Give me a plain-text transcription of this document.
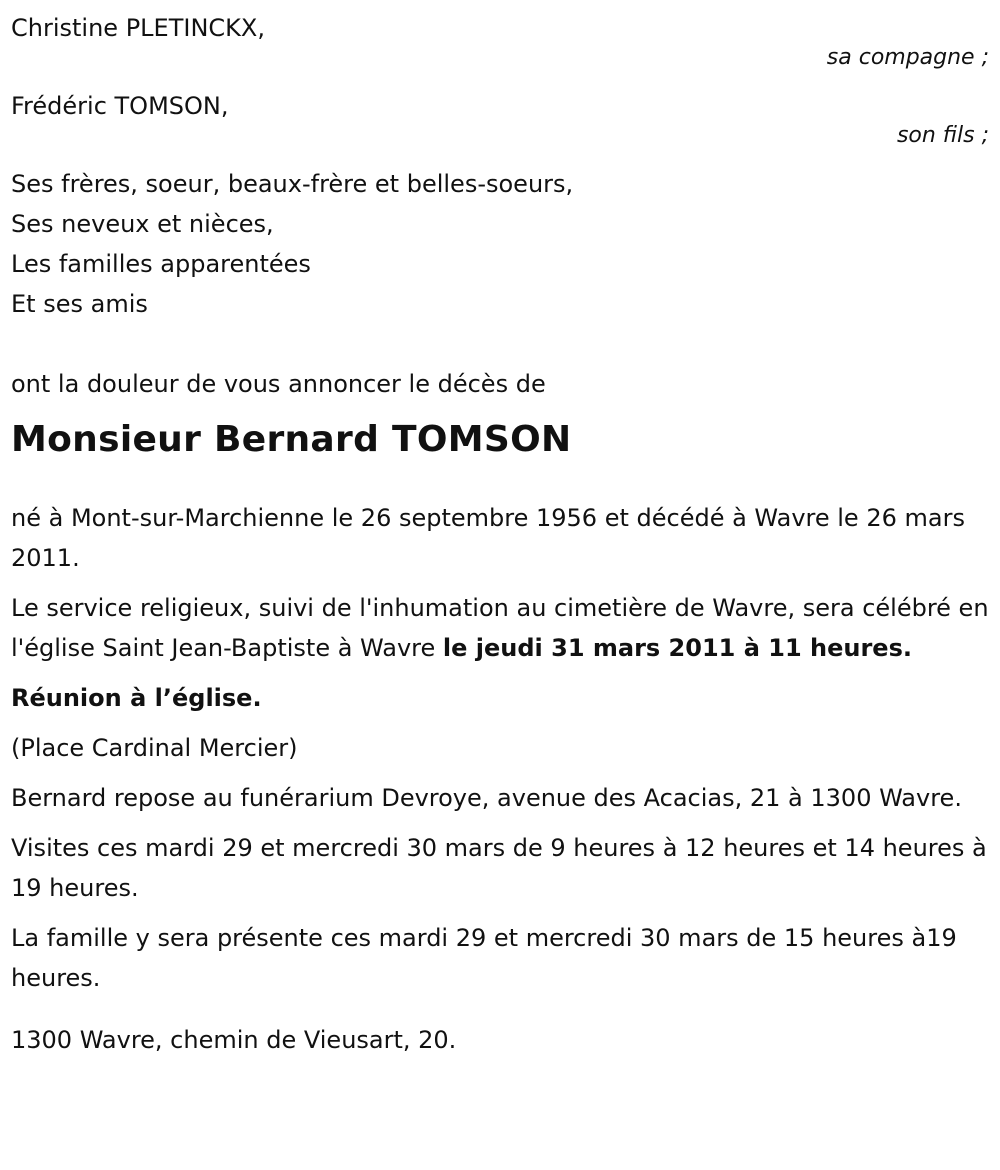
Christine PLETINCKX,
sa compagne ;
Frédéric TOMSON,
son fils ;
Ses frères, soeur, beaux-frère et belles-soeurs,
Ses neveux et nièces,
Les familles apparentées
Et ses amis
ont la douleur de vous annoncer le décès de
Monsieur Bernard TOMSON

né à Mont-sur-Marchienne le 26 septembre 1956 et décédé à Wavre le 26 mars 2011.

Le service religieux, suivi de l'inhumation au cimetière de Wavre, sera célébré en l'église Saint Jean-Baptiste à Wavre le jeudi 31 mars 2011 à 11 heures.

Réunion à l’église.

(Place Cardinal Mercier)

Bernard repose au funérarium Devroye, avenue des Acacias, 21 à 1300 Wavre.

Visites ces mardi 29 et mercredi 30 mars de 9 heures à 12 heures et 14 heures à 19 heures.

La famille y sera présente ces mardi 29 et mercredi 30 mars de 15 heures à19 heures.

1300 Wavre, chemin de Vieusart, 20.
